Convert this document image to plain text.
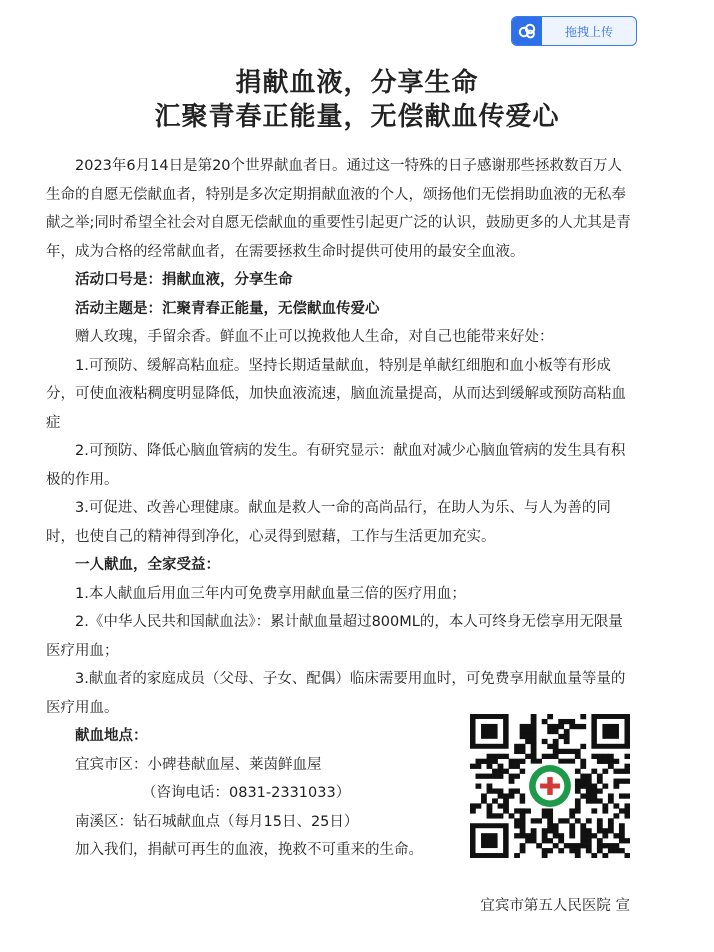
拖拽上传
捐献血液，分享生命
汇聚青春正能量，无偿献血传爱心

2023年6月14日是第20个世界献血者日。通过这一特殊的日子感谢那些拯救数百万人生命的自愿无偿献血者，特别是多次定期捐献血液的个人，颂扬他们无偿捐助血液的无私奉献之举;同时希望全社会对自愿无偿献血的重要性引起更广泛的认识，鼓励更多的人尤其是青年，成为合格的经常献血者，在需要拯救生命时提供可使用的最安全血液。

活动口号是：捐献血液，分享生命

活动主题是：汇聚青春正能量，无偿献血传爱心

赠人玫瑰，手留余香。鲜血不止可以挽救他人生命，对自己也能带来好处：

1.可预防、缓解高粘血症。坚持长期适量献血，特别是单献红细胞和血小板等有形成分，可使血液粘稠度明显降低，加快血液流速，脑血流量提高，从而达到缓解或预防高粘血症

2.可预防、降低心脑血管病的发生。有研究显示：献血对减少心脑血管病的发生具有积极的作用。

3.可促进、改善心理健康。献血是救人一命的高尚品行，在助人为乐、与人为善的同时，也使自己的精神得到净化，心灵得到慰藉，工作与生活更加充实。

一人献血，全家受益：

1.本人献血后用血三年内可免费享用献血量三倍的医疗用血；

2.《中华人民共和国献血法》：累计献血量超过800ML的，本人可终身无偿享用无限量医疗用血；

3.献血者的家庭成员（父母、子女、配偶）临床需要用血时，可免费享用献血量等量的医疗用血。

献血地点：

宜宾市区：小碑巷献血屋、莱茵鲜血屋

（咨询电话：0831-2331033）

南溪区：钻石城献血点（每月15日、25日）

加入我们，捐献可再生的血液，挽救不可重来的生命。

宜宾市第五人民医院 宣
